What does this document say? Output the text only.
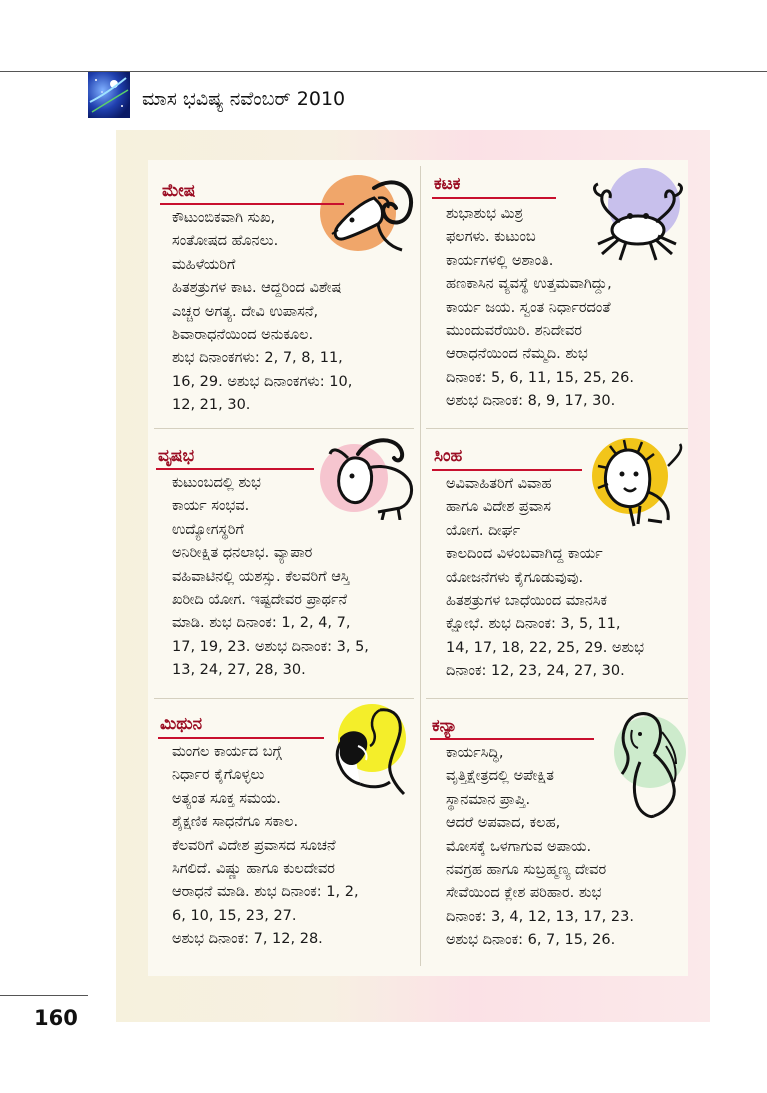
ಮಾಸ ಭವಿಷ್ಯ ನವೆಂಬರ್ 2010
ಮೇಷ
ಕೌಟುಂಬಿಕವಾಗಿ ಸುಖ,
ಸಂತೋಷದ ಹೊನಲು.
ಮಹಿಳೆಯರಿಗೆ
ಹಿತಶತ್ರುಗಳ ಕಾಟ. ಆದ್ದರಿಂದ ವಿಶೇಷ
ಎಚ್ಚರ ಅಗತ್ಯ. ದೇವಿ ಉಪಾಸನೆ,
ಶಿವಾರಾಧನೆಯಿಂದ ಅನುಕೂಲ.
ಶುಭ ದಿನಾಂಕಗಳು: 2, 7, 8, 11,
16, 29. ಅಶುಭ ದಿನಾಂಕಗಳು: 10,
12, 21, 30.
ಕಟಕ
ಶುಭಾಶುಭ ಮಿಶ್ರ
ಫಲಗಳು. ಕುಟುಂಬ
ಕಾರ್ಯಗಳಲ್ಲಿ ಅಶಾಂತಿ.
ಹಣಕಾಸಿನ ವ್ಯವಸ್ಥೆ ಉತ್ತಮವಾಗಿದ್ದು,
ಕಾರ್ಯ ಜಯ. ಸ್ವಂತ ನಿರ್ಧಾರದಂತೆ
ಮುಂದುವರೆಯಿರಿ. ಶನಿದೇವರ
ಆರಾಧನೆಯಿಂದ ನೆಮ್ಮದಿ. ಶುಭ
ದಿನಾಂಕ: 5, 6, 11, 15, 25, 26.
ಅಶುಭ ದಿನಾಂಕ: 8, 9, 17, 30.
ವೃಷಭ
ಕುಟುಂಬದಲ್ಲಿ ಶುಭ
ಕಾರ್ಯ ಸಂಭವ.
ಉದ್ಯೋಗಸ್ಥರಿಗೆ
ಅನಿರೀಕ್ಷಿತ ಧನಲಾಭ. ವ್ಯಾಪಾರ
ವಹಿವಾಟಿನಲ್ಲಿ ಯಶಸ್ಸು. ಕೆಲವರಿಗೆ ಆಸ್ತಿ
ಖರೀದಿ ಯೋಗ. ಇಷ್ಟದೇವರ ಪ್ರಾರ್ಥನೆ
ಮಾಡಿ. ಶುಭ ದಿನಾಂಕ: 1, 2, 4, 7,
17, 19, 23. ಅಶುಭ ದಿನಾಂಕ: 3, 5,
13, 24, 27, 28, 30.
ಸಿಂಹ
ಅವಿವಾಹಿತರಿಗೆ ವಿವಾಹ
ಹಾಗೂ ವಿದೇಶ ಪ್ರವಾಸ
ಯೋಗ. ದೀರ್ಘ
ಕಾಲದಿಂದ ವಿಳಂಬವಾಗಿದ್ದ ಕಾರ್ಯ
ಯೋಜನೆಗಳು ಕೈಗೂಡುವುವು.
ಹಿತಶತ್ರುಗಳ ಬಾಧೆಯಿಂದ ಮಾನಸಿಕ
ಕ್ಷೋಭೆ. ಶುಭ ದಿನಾಂಕ: 3, 5, 11,
14, 17, 18, 22, 25, 29. ಅಶುಭ
ದಿನಾಂಕ: 12, 23, 24, 27, 30.
ಮಿಥುನ
ಮಂಗಲ ಕಾರ್ಯದ ಬಗ್ಗೆ
ನಿರ್ಧಾರ ಕೈಗೊಳ್ಳಲು
ಅತ್ಯಂತ ಸೂಕ್ತ ಸಮಯ.
ಶೈಕ್ಷಣಿಕ ಸಾಧನೆಗೂ ಸಕಾಲ.
ಕೆಲವರಿಗೆ ವಿದೇಶ ಪ್ರವಾಸದ ಸೂಚನೆ
ಸಿಗಲಿದೆ. ವಿಷ್ಣು ಹಾಗೂ ಕುಲದೇವರ
ಆರಾಧನೆ ಮಾಡಿ. ಶುಭ ದಿನಾಂಕ: 1, 2,
6, 10, 15, 23, 27.
ಅಶುಭ ದಿನಾಂಕ: 7, 12, 28.
ಕನ್ಯಾ
ಕಾರ್ಯಸಿದ್ಧಿ,
ವೃತ್ತಿಕ್ಷೇತ್ರದಲ್ಲಿ ಅಪೇಕ್ಷಿತ
ಸ್ಥಾನಮಾನ ಪ್ರಾಪ್ತಿ.
ಆದರೆ ಅಪವಾದ, ಕಲಹ,
ಮೋಸಕ್ಕೆ ಒಳಗಾಗುವ ಅಪಾಯ.
ನವಗ್ರಹ ಹಾಗೂ ಸುಬ್ರಹ್ಮಣ್ಯ ದೇವರ
ಸೇವೆಯಿಂದ ಕ್ಲೇಶ ಪರಿಹಾರ. ಶುಭ
ದಿನಾಂಕ: 3, 4, 12, 13, 17, 23.
ಅಶುಭ ದಿನಾಂಕ: 6, 7, 15, 26.
160
